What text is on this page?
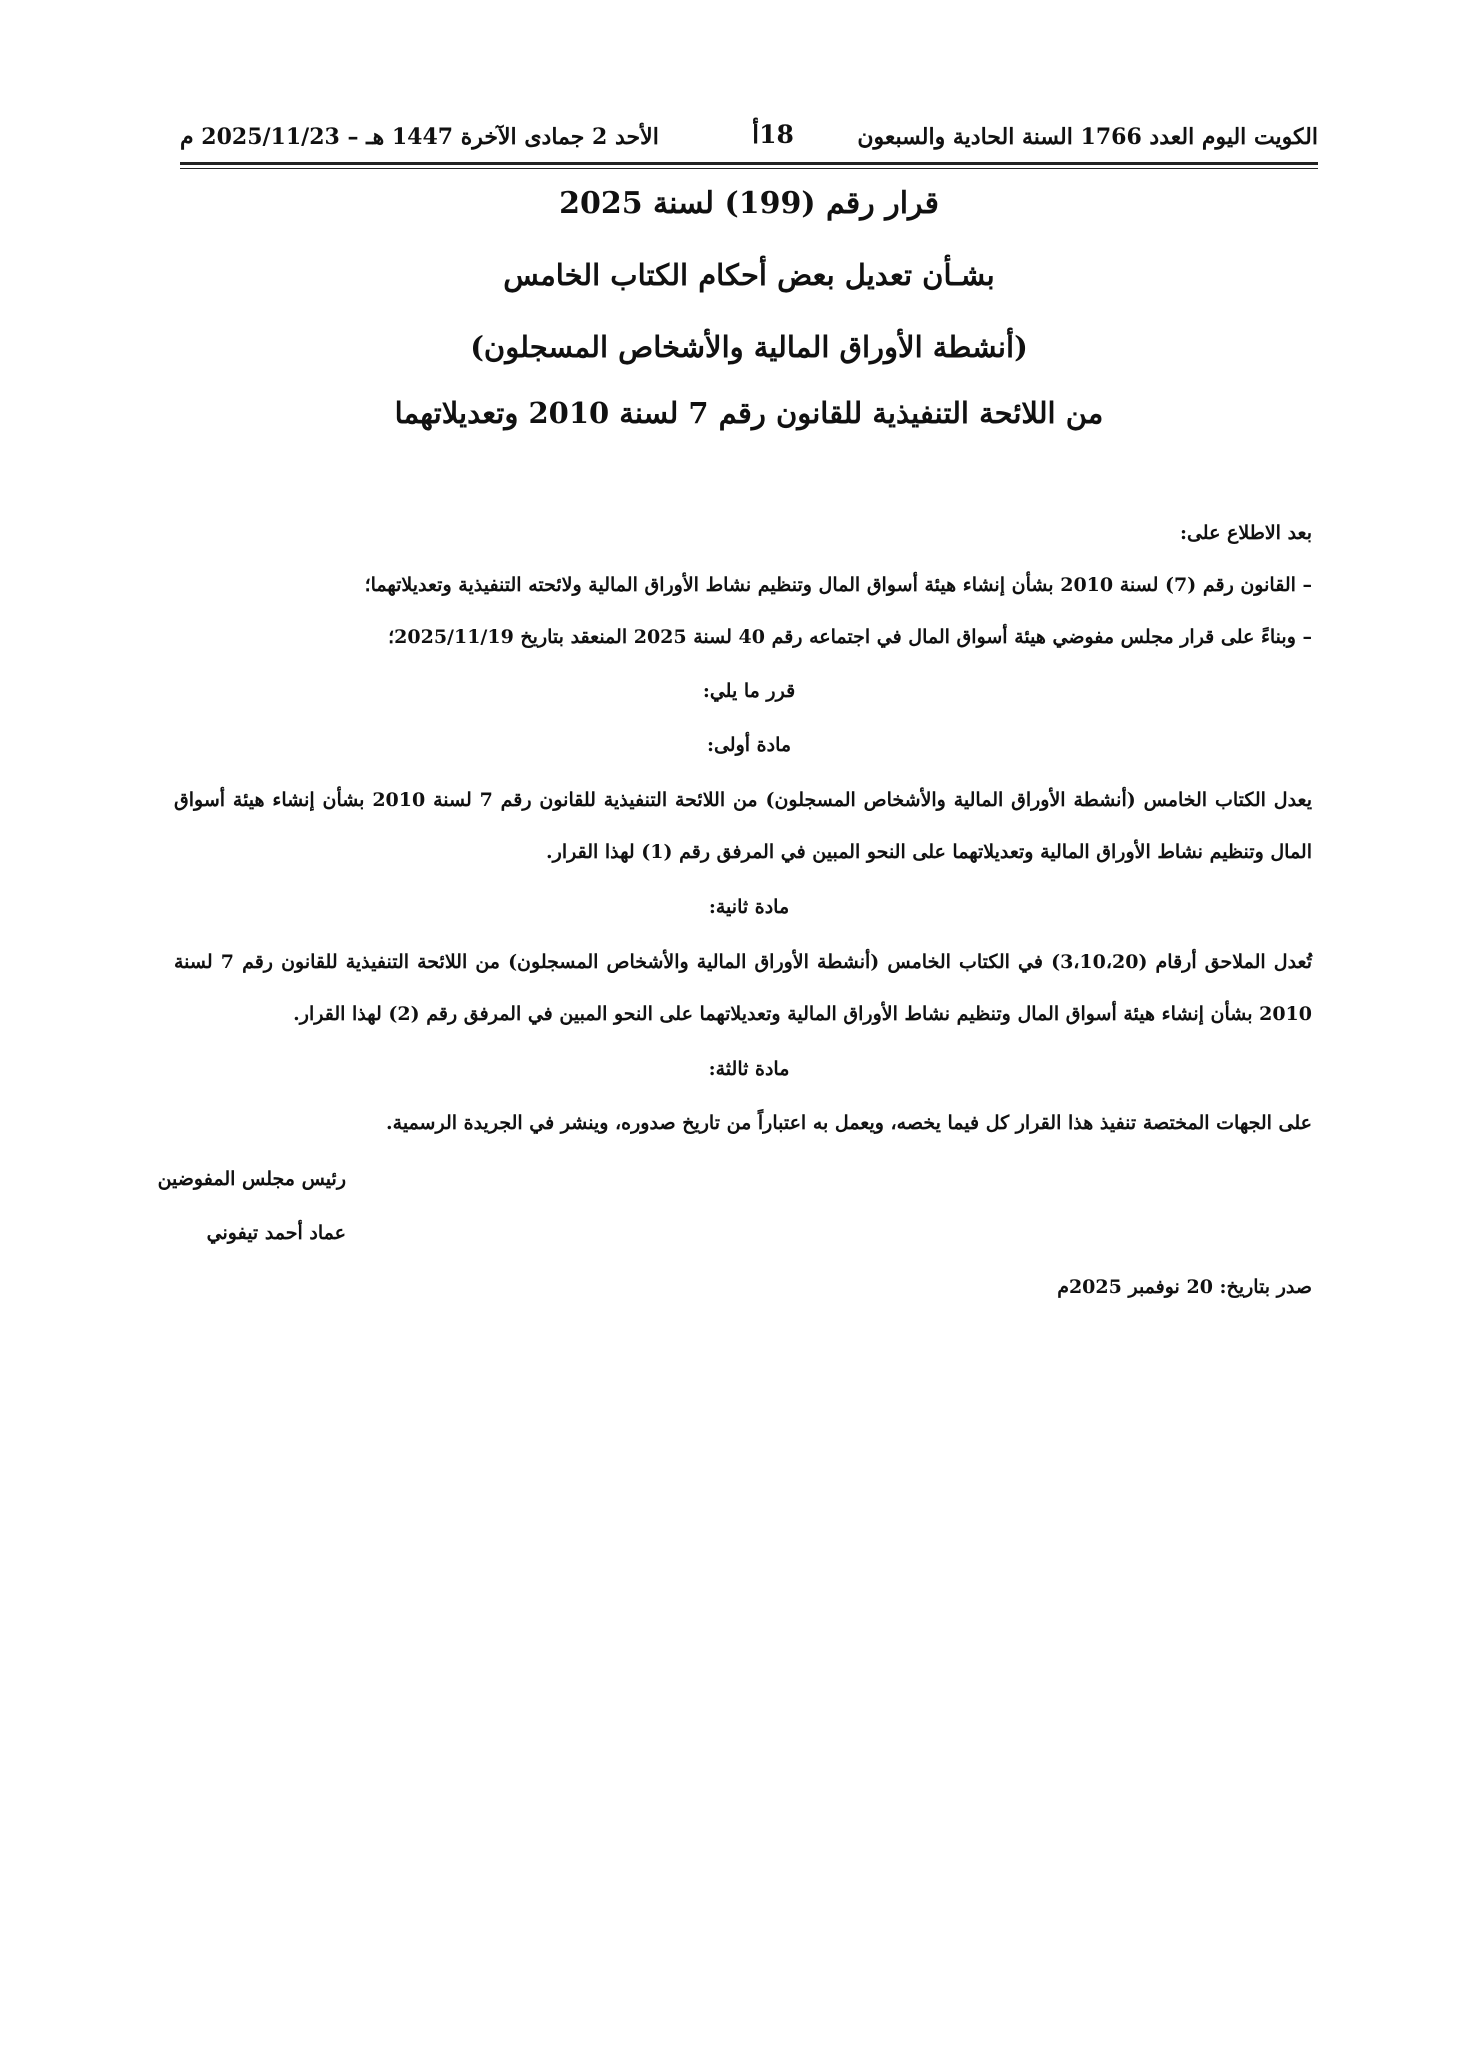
الكويت اليوم العدد 1766 السنة الحادية والسبعون
18أ
الأحد 2 جمادى الآخرة 1447 هـ – 2025/11/23 م
قرار رقم (199) لسنة 2025
بشـأن تعديل بعض أحكام الكتاب الخامس
(أنشطة الأوراق المالية والأشخاص المسجلون)
من اللائحة التنفيذية للقانون رقم 7 لسنة 2010 وتعديلاتهما
بعد الاطلاع على:
– القانون رقم (7) لسنة 2010 بشأن إنشاء هيئة أسواق المال وتنظيم نشاط الأوراق المالية ولائحته التنفيذية وتعديلاتهما؛
– وبناءً على قرار مجلس مفوضي هيئة أسواق المال في اجتماعه رقم 40 لسنة 2025 المنعقد بتاريخ 2025/11/19؛
قرر ما يلي:
مادة أولى:
يعدل الكتاب الخامس (أنشطة الأوراق المالية والأشخاص المسجلون) من اللائحة التنفيذية للقانون رقم 7 لسنة 2010 بشأن إنشاء هيئة أسواق المال وتنظيم نشاط الأوراق المالية وتعديلاتهما على النحو المبين في المرفق رقم (1) لهذا القرار.
مادة ثانية:
تُعدل الملاحق أرقام (3،10،20) في الكتاب الخامس (أنشطة الأوراق المالية والأشخاص المسجلون) من اللائحة التنفيذية للقانون رقم 7 لسنة 2010 بشأن إنشاء هيئة أسواق المال وتنظيم نشاط الأوراق المالية وتعديلاتهما على النحو المبين في المرفق رقم (2) لهذا القرار.
مادة ثالثة:
على الجهات المختصة تنفيذ هذا القرار كل فيما يخصه، ويعمل به اعتباراً من تاريخ صدوره، وينشر في الجريدة الرسمية.
رئيس مجلس المفوضين
عماد أحمد تيفوني
صدر بتاريخ: 20 نوفمبر 2025م
